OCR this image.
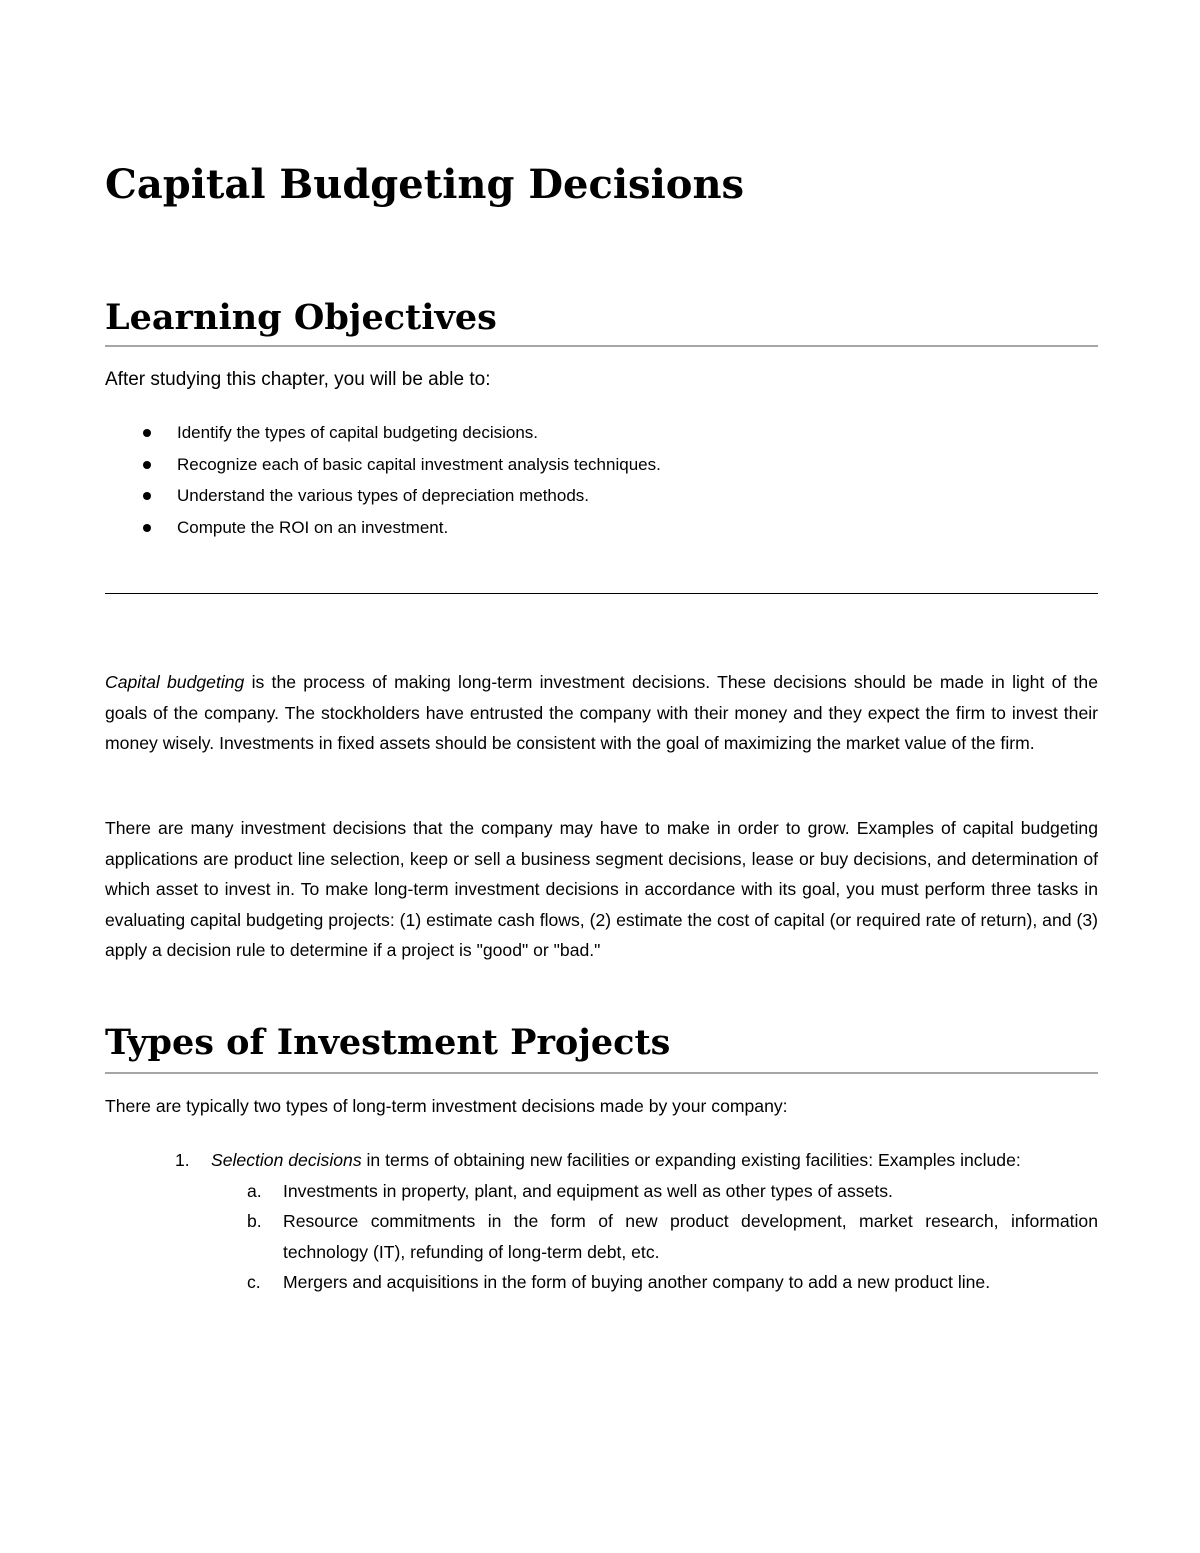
Capital Budgeting Decisions
Learning Objectives

After studying this chapter, you will be able to:

Identify the types of capital budgeting decisions.
Recognize each of basic capital investment analysis techniques.
Understand the various types of depreciation methods.
Compute the ROI on an investment.

Capital budgeting is the process of making long-term investment decisions. These decisions should be made in light of the goals of the company. The stockholders have entrusted the company with their money and they expect the firm to invest their money wisely. Investments in fixed assets should be consistent with the goal of maximizing the market value of the firm.

There are many investment decisions that the company may have to make in order to grow. Examples of capital budgeting applications are product line selection, keep or sell a business segment decisions, lease or buy decisions, and determination of which asset to invest in. To make long-term investment decisions in accordance with its goal, you must perform three tasks in evaluating capital budgeting projects: (1) estimate cash flows, (2) estimate the cost of capital (or required rate of return), and (3) apply a decision rule to determine if a project is "good" or "bad."

Types of Investment Projects

There are typically two types of long-term investment decisions made by your company:

1. Selection decisions in terms of obtaining new facilities or expanding existing facilities: Examples include:
a. Investments in property, plant, and equipment as well as other types of assets.
b. Resource commitments in the form of new product development, market research, information technology (IT), refunding of long-term debt, etc.
c. Mergers and acquisitions in the form of buying another company to add a new product line.
